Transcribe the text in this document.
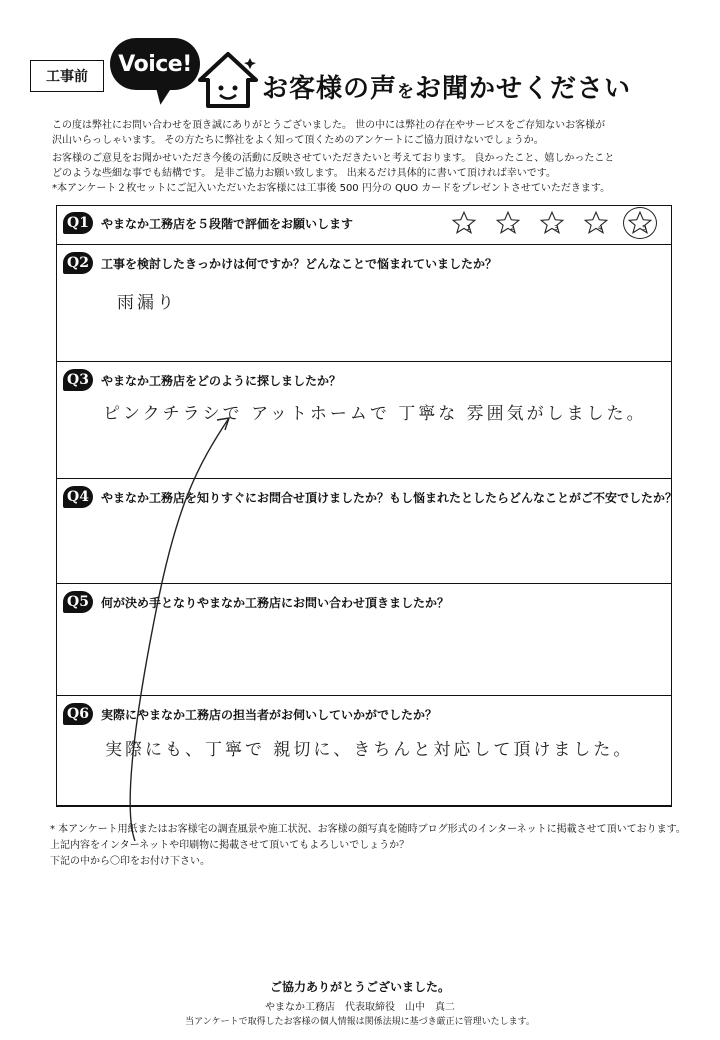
工事前
Voice!
お客様の声をお聞かせください
この度は弊社にお問い合わせを頂き誠にありがとうございました。 世の中には弊社の存在やサービスをご存知ないお客様が
沢山いらっしゃいます。 その方たちに弊社をよく知って頂くためのアンケートにご協力頂けないでしょうか。
お客様のご意見をお聞かせいただき今後の活動に反映させていただきたいと考えております。 良かったこと、嬉しかったこと
どのような些細な事でも結構です。 是非ご協力お願い致します。 出来るだけ具体的に書いて頂ければ幸いです。
*本アンケート２枚セットにご記入いただいたお客様には工事後 500 円分の QUO カードをプレゼントさせていただきます。
Q1	やまなか工務店を５段階で評価をお願いします	1	2	3	4	5
Q2	工事を検討したきっかけは何ですか？どんなことで悩まれていましたか？
雨漏り
Q3	やまなか工務店をどのように探しましたか？
ピンクチラシで アットホームで 丁寧な 雰囲気がしました。
Q4	やまなか工務店を知りすぐにお問合せ頂けましたか？もし悩まれたとしたらどんなことがご不安でしたか？
Q5	何が決め手となりやまなか工務店にお問い合わせ頂きましたか？
Q6	実際にやまなか工務店の担当者がお伺いしていかがでしたか？
実際にも、丁寧で 親切に、きちんと対応して頂けました。
* 本アンケート用紙またはお客様宅の調査風景や施工状況、お客様の顔写真を随時ブログ形式のインターネットに掲載させて頂いております。
上記内容をインターネットや印刷物に掲載させて頂いてもよろしいでしょうか？
下記の中から〇印をお付け下さい。
ご協力ありがとうございました。
やまなか工務店　代表取締役　山中　真二
当アンケートで取得したお客様の個人情報は関係法規に基づき厳正に管理いたします。
